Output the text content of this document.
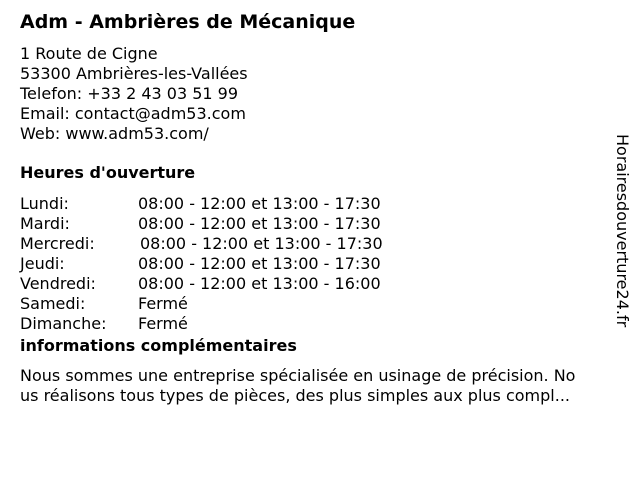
Adm - Ambrières de Mécanique
1 Route de Cigne
53300 Ambrières-les-Vallées
Telefon: +33 2 43 03 51 99
Email: contact@adm53.com
Web: www.adm53.com/
Heures d'ouverture
Lundi:	08:00 - 12:00 et 13:00 - 17:30
Mardi:	08:00 - 12:00 et 13:00 - 17:30
Mercredi:	08:00 - 12:00 et 13:00 - 17:30
Jeudi:	08:00 - 12:00 et 13:00 - 17:30
Vendredi:	08:00 - 12:00 et 13:00 - 16:00
Samedi:	Fermé
Dimanche: Fermé
informations complémentaires
Nous sommes une entreprise spécialisée en usinage de précision. No
us réalisons tous types de pièces, des plus simples aux plus compl...
Horairesdouverture24.fr
